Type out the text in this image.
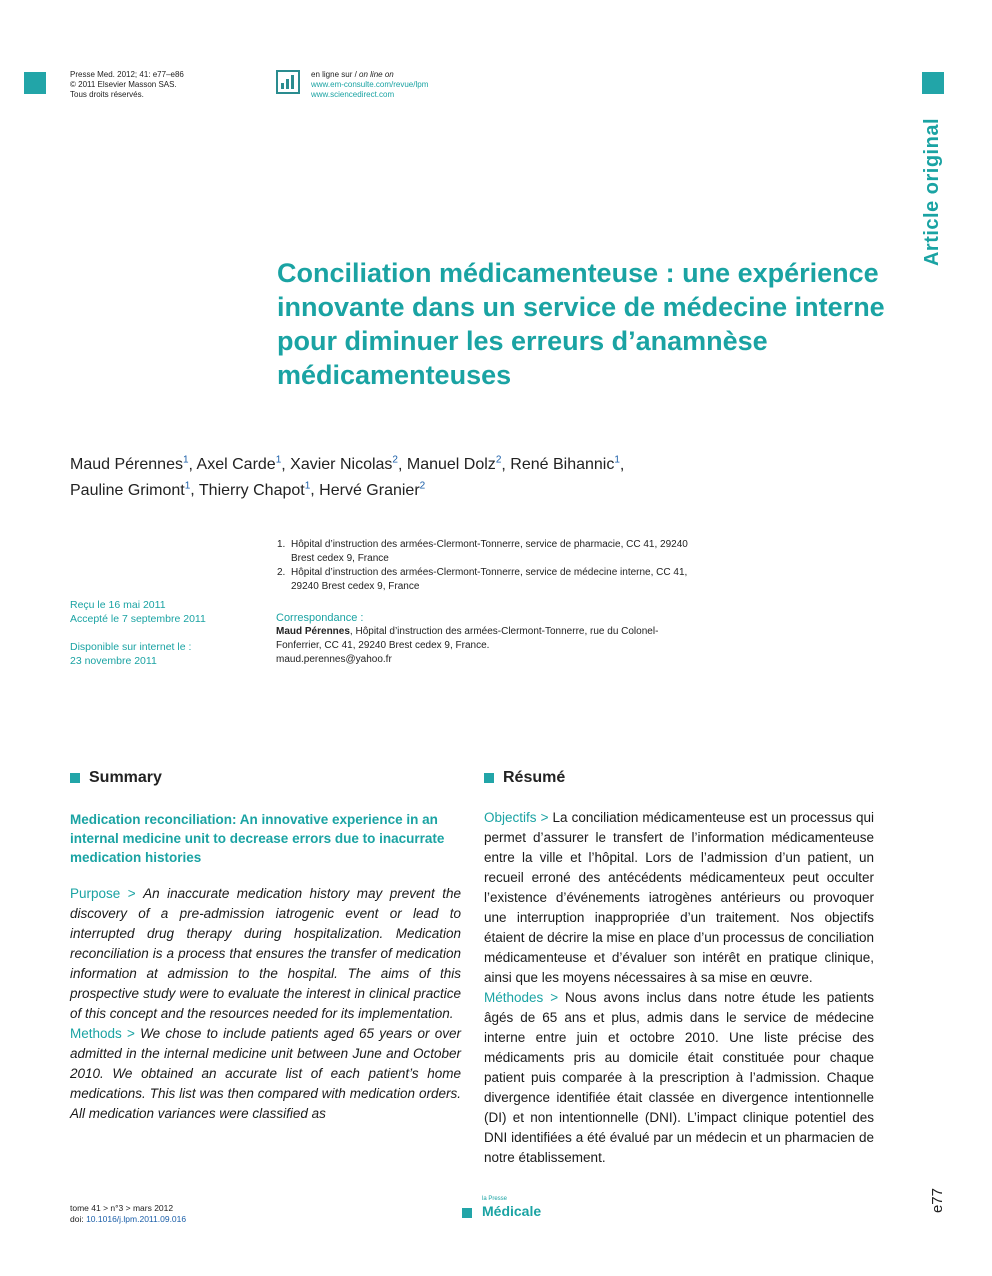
Presse Med. 2012; 41: e77–e86
© 2011 Elsevier Masson SAS.
Tous droits réservés.
en ligne sur / on line on
www.em-consulte.com/revue/lpm
www.sciencedirect.com
Article original
Conciliation médicamenteuse : une expérience innovante dans un service de médecine interne pour diminuer les erreurs d’anamnèse médicamenteuses
Maud Pérennes$^1$, Axel Carde$^1$, Xavier Nicolas$^2$, Manuel Dolz$^2$, René Bihannic$^1$,
Pauline Grimont$^1$, Thierry Chapot$^1$, Hervé Granier$^2$
1. Hôpital d’instruction des armées-Clermont-Tonnerre, service de pharmacie, CC 41, 29240 Brest cedex 9, France
2. Hôpital d’instruction des armées-Clermont-Tonnerre, service de médecine interne, CC 41, 29240 Brest cedex 9, France
Reçu le 16 mai 2011
Accepté le 7 septembre 2011
Disponible sur internet le :
23 novembre 2011
Correspondance :
Maud Pérennes, Hôpital d’instruction des armées-Clermont-Tonnerre, rue du Colonel-Fonferrier, CC 41, 29240 Brest cedex 9, France.
maud.perennes@yahoo.fr
Summary
Medication reconciliation: An innovative experience in an internal medicine unit to decrease errors due to inacurrate medication histories
Purpose > An inaccurate medication history may prevent the discovery of a pre-admission iatrogenic event or lead to interrupted drug therapy during hospitalization. Medication reconciliation is a process that ensures the transfer of medication information at admission to the hospital. The aims of this prospective study were to evaluate the interest in clinical practice of this concept and the resources needed for its implementation.
Methods > We chose to include patients aged 65 years or over admitted in the internal medicine unit between June and October 2010. We obtained an accurate list of each patient’s home medications. This list was then compared with medication orders. All medication variances were classified as
Résumé
Objectifs > La conciliation médicamenteuse est un processus qui permet d’assurer le transfert de l’information médicamenteuse entre la ville et l’hôpital. Lors de l’admission d’un patient, un recueil erroné des antécédents médicamenteux peut occulter l’existence d’événements iatrogènes antérieurs ou provoquer une interruption inappropriée d’un traitement. Nos objectifs étaient de décrire la mise en place d’un processus de conciliation médicamenteuse et d’évaluer son intérêt en pratique clinique, ainsi que les moyens nécessaires à sa mise en œuvre.
Méthodes > Nous avons inclus dans notre étude les patients âgés de 65 ans et plus, admis dans le service de médecine interne entre juin et octobre 2010. Une liste précise des médicaments pris au domicile était constituée pour chaque patient puis comparée à la prescription à l’admission. Chaque divergence identifiée était classée en divergence intentionnelle (DI) et non intentionnelle (DNI). L’impact clinique potentiel des DNI identifiées a été évalué par un médecin et un pharmacien de notre établissement.
tome 41 > n°3 > mars 2012
doi: 10.1016/j.lpm.2011.09.016
la Presse
Médicale	e77
